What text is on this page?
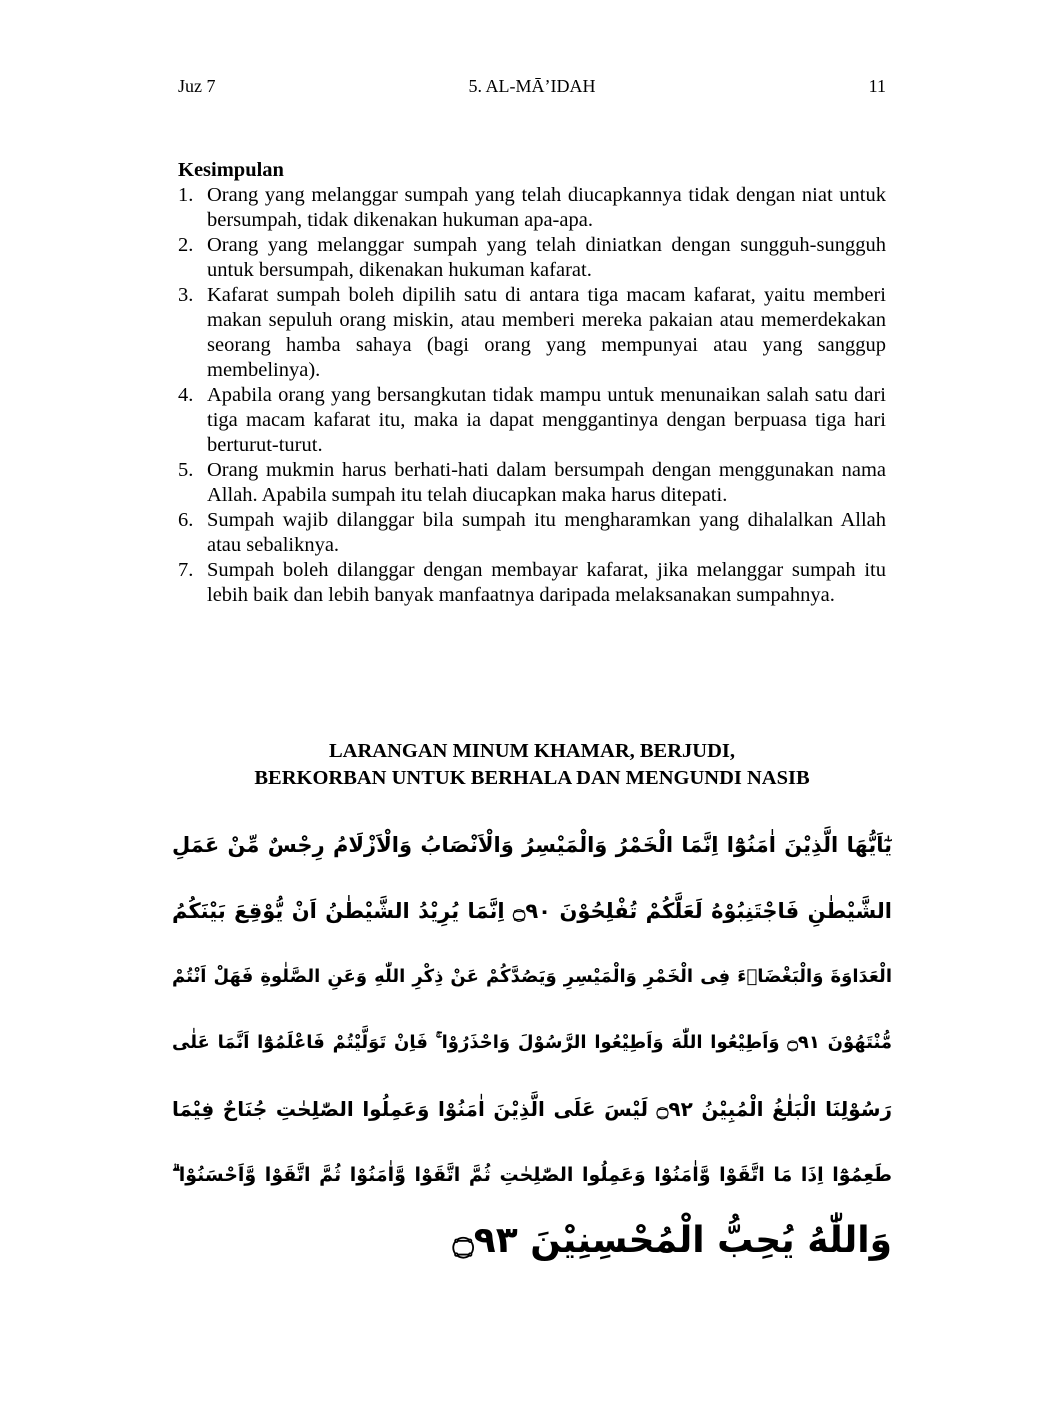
Juz 7	5. AL-MĀ’IDAH	11
Kesimpulan
1. Orang yang melanggar sumpah yang telah diucapkannya tidak dengan niat untuk bersumpah, tidak dikenakan hukuman apa-apa.
2. Orang yang melanggar sumpah yang telah diniatkan dengan sungguh-sungguh untuk bersumpah, dikenakan hukuman kafarat.
3. Kafarat sumpah boleh dipilih satu di antara tiga macam kafarat, yaitu memberi makan sepuluh orang miskin, atau memberi mereka pakaian atau memerdekakan seorang hamba sahaya (bagi orang yang mempunyai atau yang sanggup membelinya).
4. Apabila orang yang bersangkutan tidak mampu untuk menunaikan salah satu dari tiga macam kafarat itu, maka ia dapat menggantinya dengan berpuasa tiga hari berturut-turut.
5. Orang mukmin harus berhati-hati dalam bersumpah dengan menggunakan nama Allah. Apabila sumpah itu telah diucapkan maka harus ditepati.
6. Sumpah wajib dilanggar bila sumpah itu mengharamkan yang dihalalkan Allah atau sebaliknya.
7. Sumpah boleh dilanggar dengan membayar kafarat, jika melanggar sumpah itu lebih baik dan lebih banyak manfaatnya daripada melaksanakan sumpahnya.
LARANGAN MINUM KHAMAR, BERJUDI,
BERKORBAN UNTUK BERHALA DAN MENGUNDI NASIB
يٰٓاَيُّهَا الَّذِيْنَ اٰمَنُوْٓا اِنَّمَا الْخَمْرُ وَالْمَيْسِرُ وَالْاَنْصَابُ وَالْاَزْلَامُ رِجْسٌ مِّنْ عَمَلِ
الشَّيْطٰنِ فَاجْتَنِبُوْهُ لَعَلَّكُمْ تُفْلِحُوْنَ ۝٩٠ اِنَّمَا يُرِيْدُ الشَّيْطٰنُ اَنْ يُّوْقِعَ بَيْنَكُمُ
الْعَدَاوَةَ وَالْبَغْضَاۤءَ فِى الْخَمْرِ وَالْمَيْسِرِ وَيَصُدَّكُمْ عَنْ ذِكْرِ اللّٰهِ وَعَنِ الصَّلٰوةِ فَهَلْ اَنْتُمْ
مُّنْتَهُوْنَ ۝٩١ وَاَطِيْعُوا اللّٰهَ وَاَطِيْعُوا الرَّسُوْلَ وَاحْذَرُوْا ۚ فَاِنْ تَوَلَّيْتُمْ فَاعْلَمُوْٓا اَنَّمَا عَلٰى
رَسُوْلِنَا الْبَلٰغُ الْمُبِيْنُ ۝٩٢ لَيْسَ عَلَى الَّذِيْنَ اٰمَنُوْا وَعَمِلُوا الصّٰلِحٰتِ جُنَاحٌ فِيْمَا
طَعِمُوْٓا اِذَا مَا اتَّقَوْا وَّاٰمَنُوْا وَعَمِلُوا الصّٰلِحٰتِ ثُمَّ اتَّقَوْا وَّاٰمَنُوْا ثُمَّ اتَّقَوْا وَّاَحْسَنُوْا ۗ
وَاللّٰهُ يُحِبُّ الْمُحْسِنِيْنَ ۝٩٣
